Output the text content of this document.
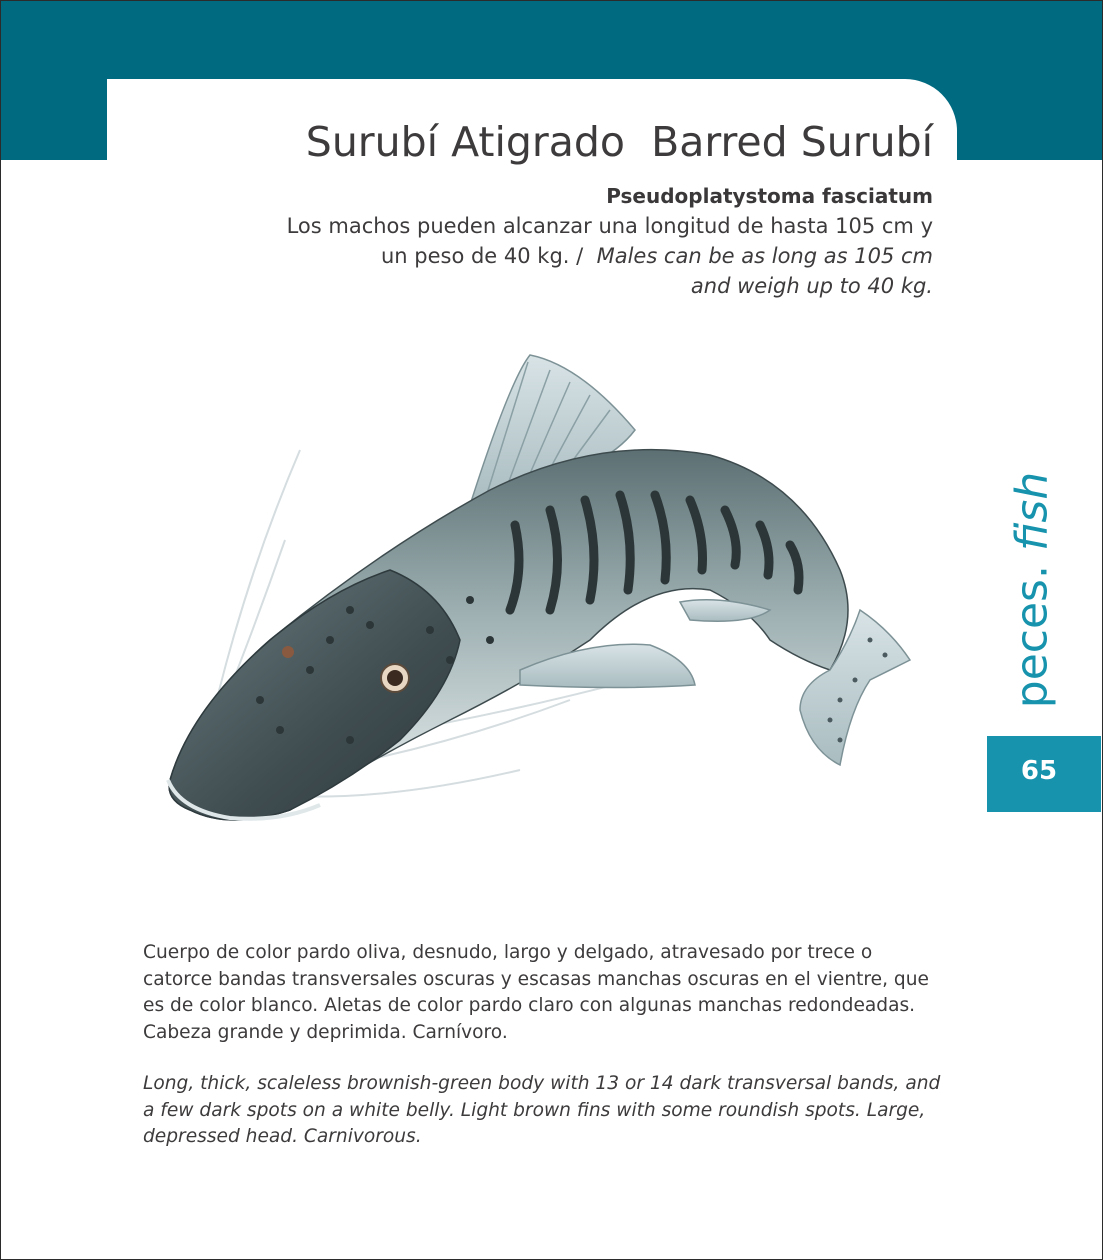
Surubí Atigrado Barred Surubí
Pseudoplatystoma fasciatum
Los machos pueden alcanzar una longitud de hasta 105 cm y
un peso de 40 kg. / Males can be as long as 105 cm
and weigh up to 40 kg.

Cuerpo de color pardo oliva, desnudo, largo y delgado, atravesado por trece o catorce bandas transversales oscuras y escasas manchas oscuras en el vientre, que es de color blanco. Aletas de color pardo claro con algunas manchas redondeadas. Cabeza grande y deprimida. Carnívoro.

Long, thick, scaleless brownish-green body with 13 or 14 dark transversal bands, and a few dark spots on a white belly. Light brown fins with some roundish spots. Large, depressed head. Carnivorous.

65
peces. fish
